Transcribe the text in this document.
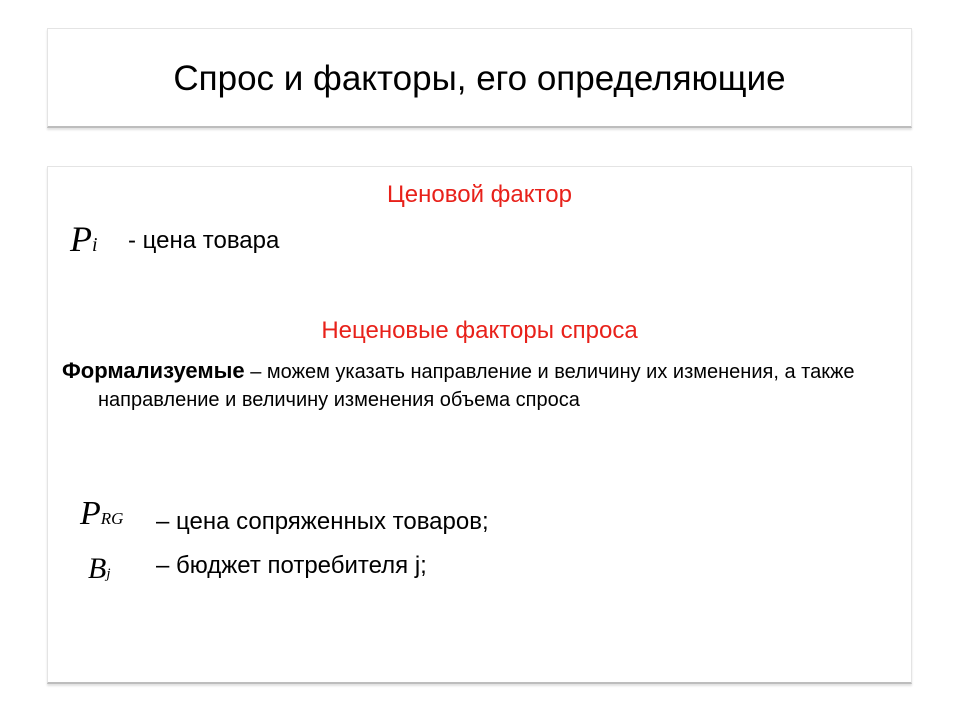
Спрос и факторы, его определяющие
Ценовой фактор
Pi - цена товара
Неценовые факторы спроса
Формализуемые – можем указать направление и величину их изменения, а также направление и величину изменения объема спроса
PRG – цена сопряженных товаров;
Bj – бюджет потребителя j;
